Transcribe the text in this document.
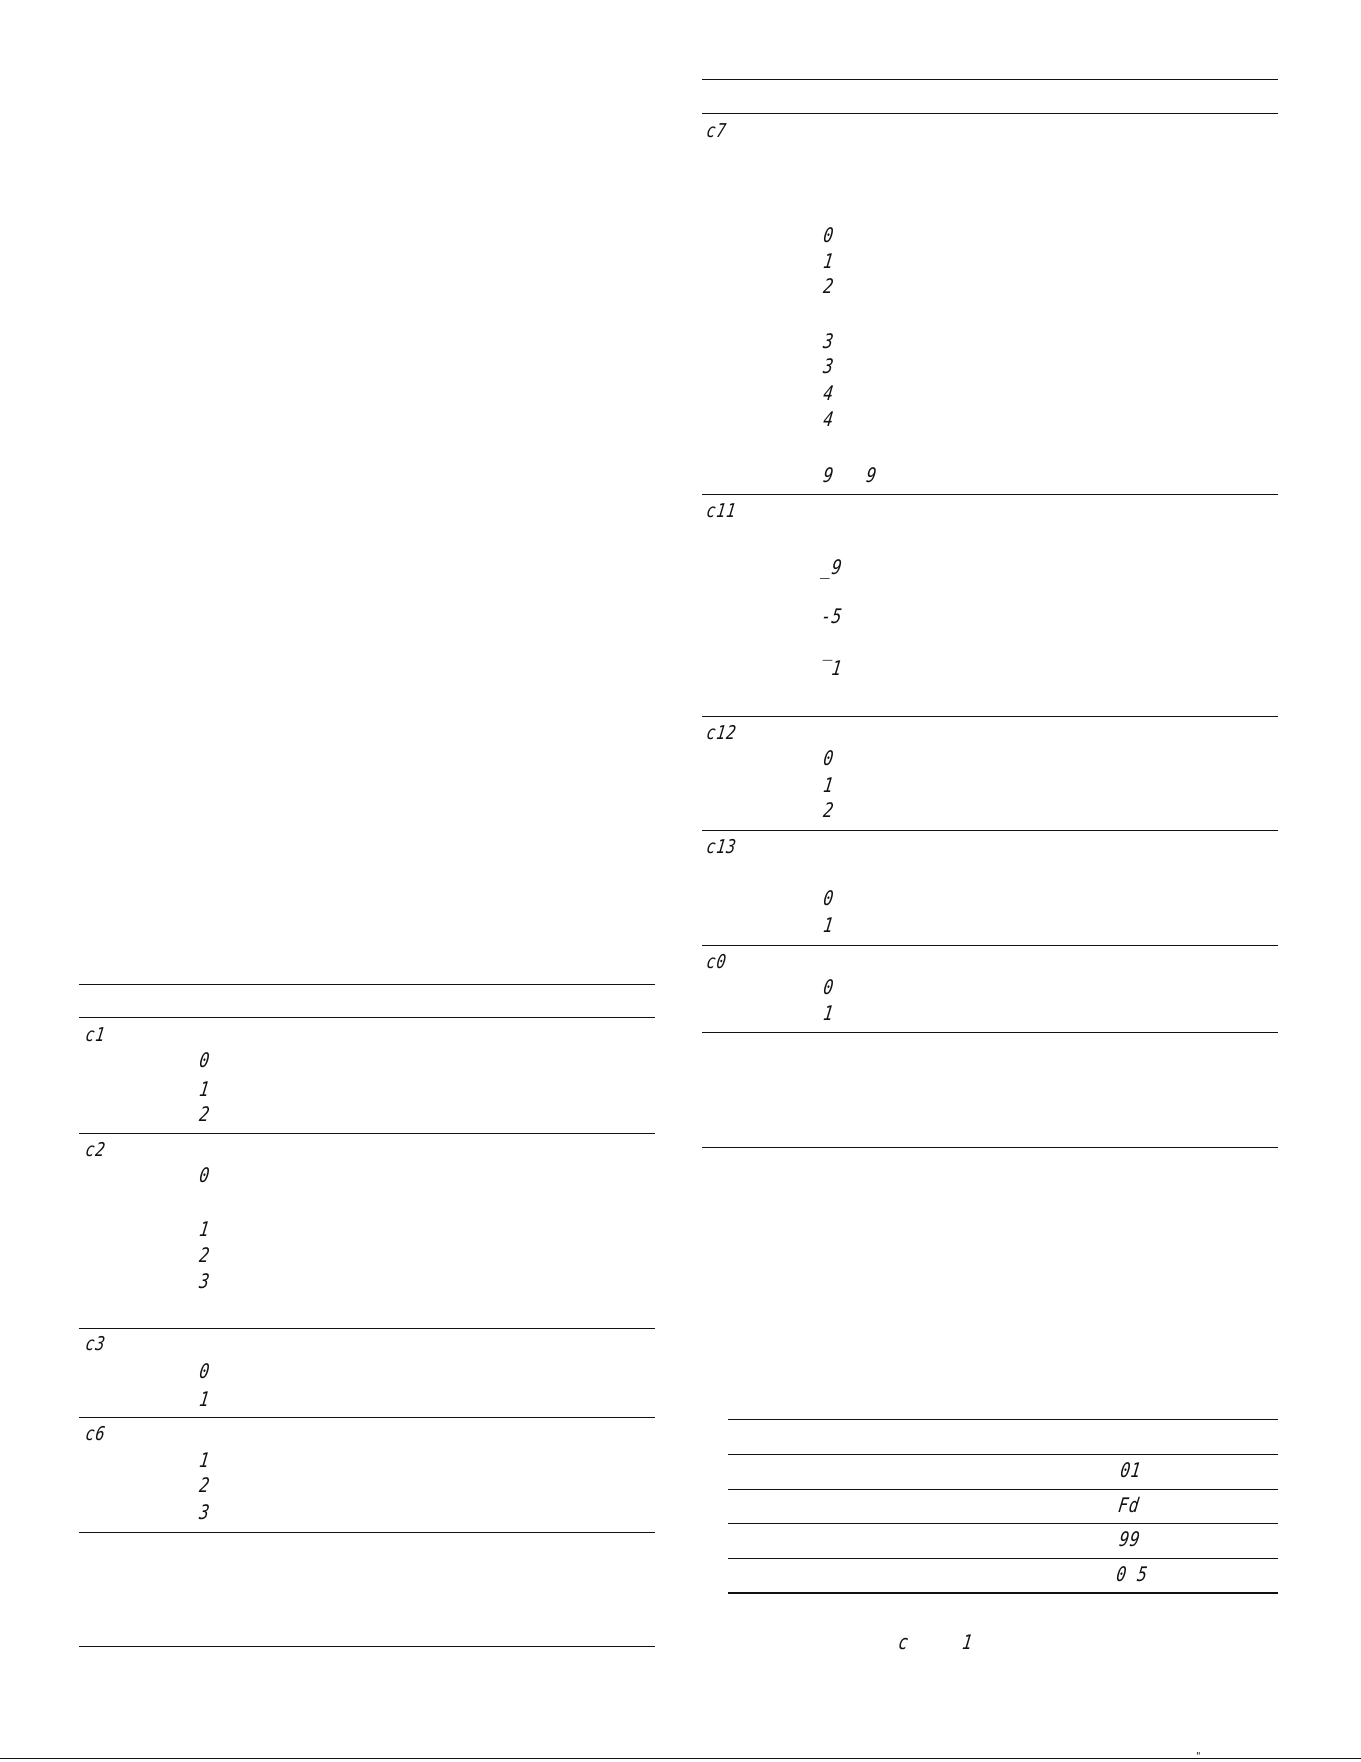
c1
0
1
2
c2
0
1
2
3
c3
0
1
c6
1
2
3
c7
0
1
2
3
3
4
4
9 9
c11
_9
-5
‾1
c12
0
1
2
c13
0
1
c0
0
1
01
Fd
99
0 5
c	1
"
